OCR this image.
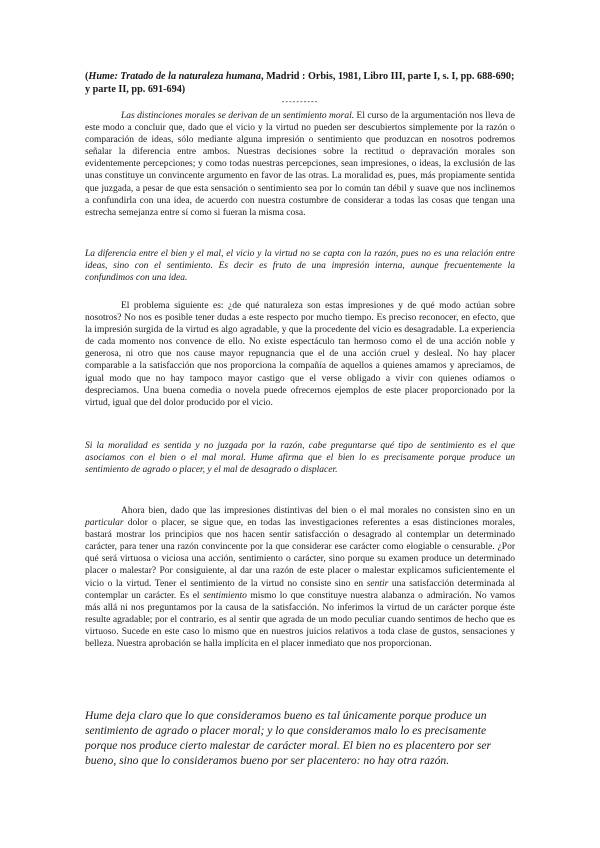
(Hume: Tratado de la naturaleza humana, Madrid : Orbis, 1981, Libro III, parte I, s. I, pp. 688-690; y parte II, pp. 691-694)

----------

Las distinciones morales se derivan de un sentimiento moral. El curso de la argumentación nos lleva de este modo a concluir que, dado que el vicio y la virtud no pueden ser descubiertos simplemente por la razón o comparación de ideas, sólo mediante alguna impresión o sentimiento que produzcan en nosotros podremos señalar la diferencia entre ambos. Nuestras decisiones sobre la rectitud o depravación morales son evidentemente percepciones; y como todas nuestras percepciones, sean impresiones, o ideas, la exclusión de las unas constituye un convincente argumento en favor de las otras. La moralidad es, pues, más propiamente sentida que juzgada, a pesar de que esta sensación o sentimiento sea por lo común tan débil y suave que nos inclinemos a confundirla con una idea, de acuerdo con nuestra costumbre de considerar a todas las cosas que tengan una estrecha semejanza entre sí como si fueran la misma cosa.

La diferencia entre el bien y el mal, el vicio y la virtud no se capta con la razón, pues no es una relación entre ideas, sino con el sentimiento. Es decir es fruto de una impresión interna, aunque frecuentemente la confundimos con una idea.

El problema siguiente es: ¿de qué naturaleza son estas impresiones y de qué modo actúan sobre nosotros? No nos es posible tener dudas a este respecto por mucho tiempo. Es preciso reconocer, en efecto, que la impresión surgida de la virtud es algo agradable, y que la procedente del vicio es desagradable. La experiencia de cada momento nos convence de ello. No existe espectáculo tan hermoso como el de una acción noble y generosa, ni otro que nos cause mayor repugnancia que el de una acción cruel y desleal. No hay placer comparable a la satisfacción que nos proporciona la compañía de aquellos a quienes amamos y apreciamos, de igual modo que no hay tampoco mayor castigo que el verse obligado a vivir con quienes odiamos o despreciamos. Una buena comedia o novela puede ofrecernos ejemplos de este placer proporcionado por la virtud, igual que del dolor producido por el vicio.

Si la moralidad es sentida y no juzgada por la razón, cabe preguntarse qué tipo de sentimiento es el que asociamos con el bien o el mal moral. Hume afirma que el bien lo es precisamente porque produce un sentimiento de agrado o placer, y el mal de desagrado o displacer.

Ahora bien, dado que las impresiones distintivas del bien o el mal morales no consisten sino en un particular dolor o placer, se sigue que, en todas las investigaciones referentes a esas distinciones morales, bastará mostrar los principios que nos hacen sentir satisfacción o desagrado al contemplar un determinado carácter, para tener una razón convincente por la que considerar ese carácter como elogiable o censurable. ¿Por qué será virtuosa o viciosa una acción, sentimiento o carácter, sino porque su examen produce un determinado placer o malestar? Por consiguiente, al dar una razón de este placer o malestar explicamos suficientemente el vicio o la virtud. Tener el sentimiento de la virtud no consiste sino en sentir una satisfacción determinada al contemplar un carácter. Es el sentimiento mismo lo que constituye nuestra alabanza o admiración. No vamos más allá ni nos preguntamos por la causa de la satisfacción. No inferimos la virtud de un carácter porque éste resulte agradable; por el contrario, es al sentir que agrada de un modo peculiar cuando sentimos de hecho que es virtuoso. Sucede en este caso lo mismo que en nuestros juicios relativos a toda clase de gustos, sensaciones y belleza. Nuestra aprobación se halla implícita en el placer inmediato que nos proporcionan.

Hume deja claro que lo que consideramos bueno es tal únicamente porque produce un sentimiento de agrado o placer moral; y lo que consideramos malo lo es precisamente porque nos produce cierto malestar de carácter moral. El bien no es placentero por ser bueno, sino que lo consideramos bueno por ser placentero: no hay otra razón.
